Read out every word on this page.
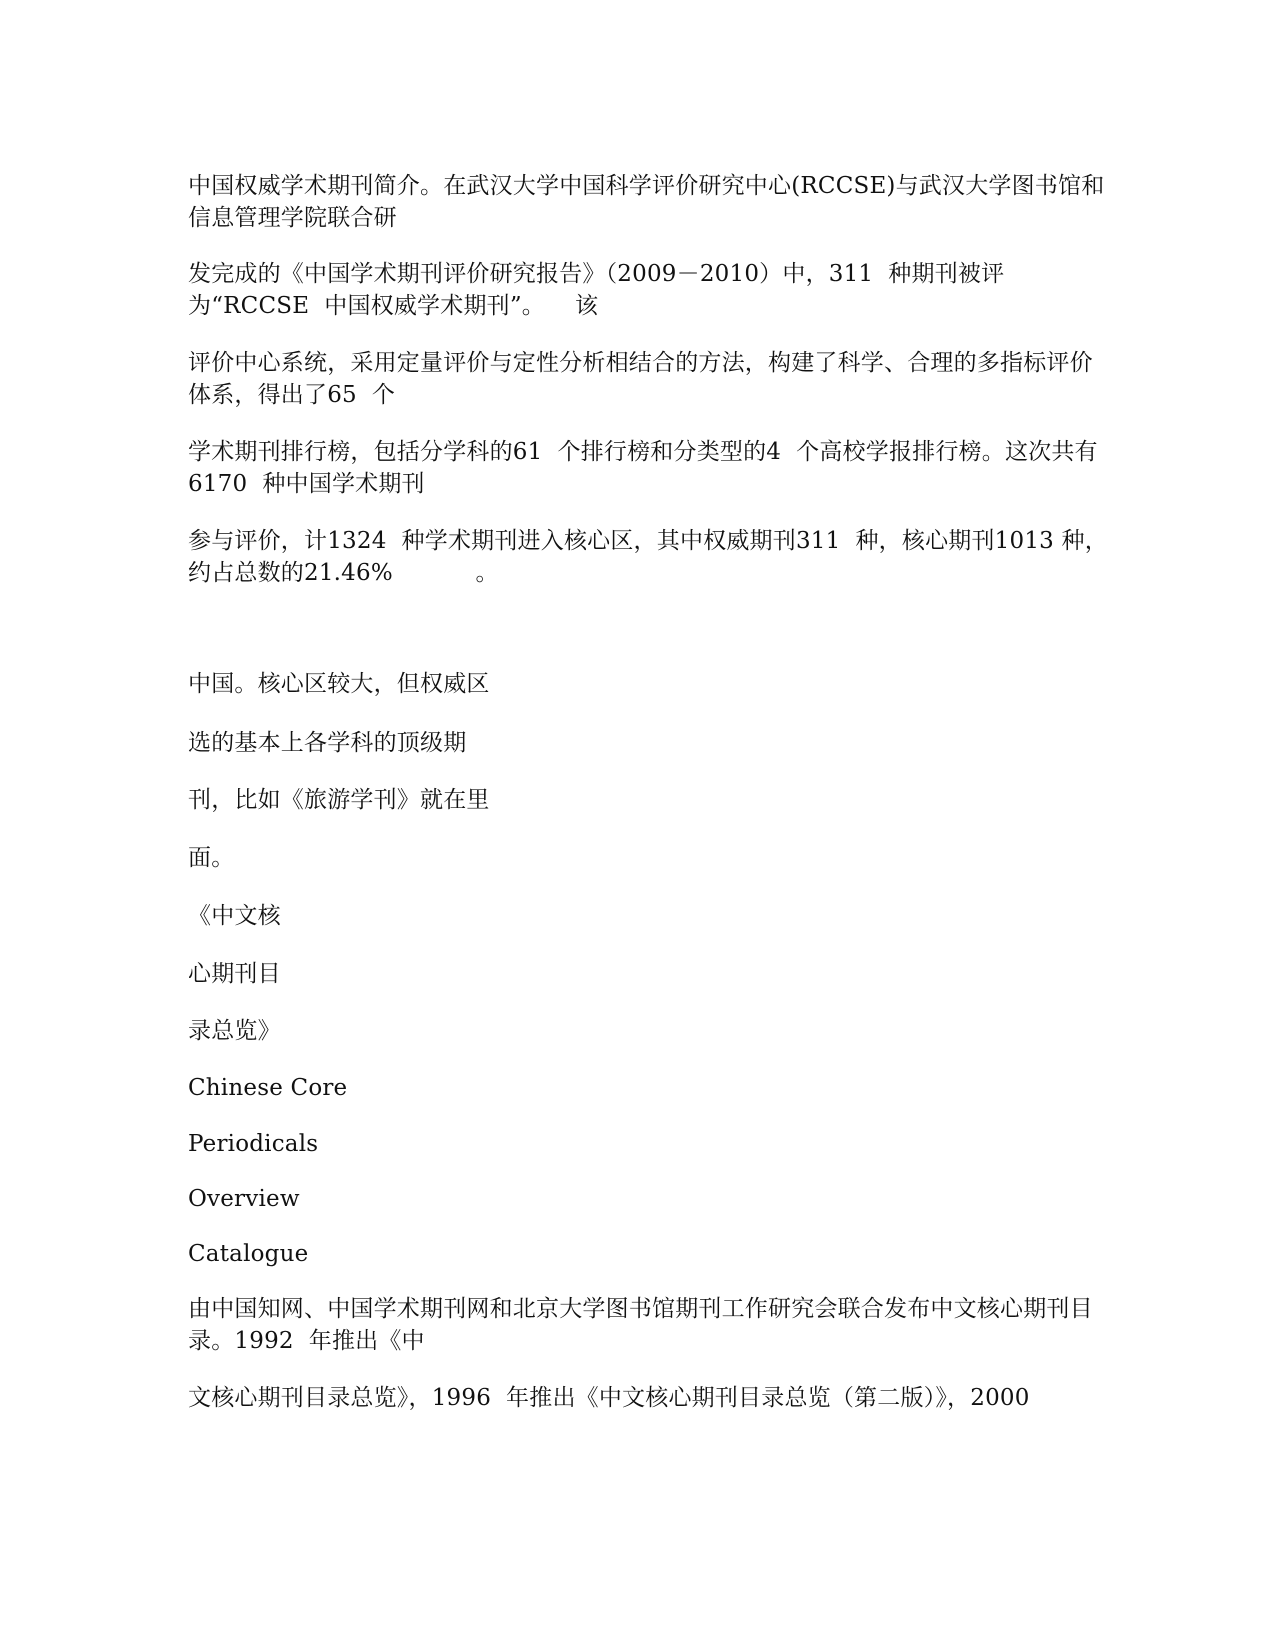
中国权威学术期刊简介。在武汉大学中国科学评价研究中心(RCCSE)与武汉大学图书馆和信息管理学院联合研
发完成的《中国学术期刊评价研究报告》（2009－2010）中，311  种期刊被评为“RCCSE  中国权威学术期刊”。    该
评价中心系统，采用定量评价与定性分析相结合的方法，构建了科学、合理的多指标评价体系，得出了65  个
学术期刊排行榜，包括分学科的61  个排行榜和分类型的4  个高校学报排行榜。这次共有6170  种中国学术期刊
参与评价，计1324  种学术期刊进入核心区，其中权威期刊311  种，核心期刊1013 种，约占总数的21.46%           。
中国。核心区较大，但权威区
选的基本上各学科的顶级期
刊，比如《旅游学刊》就在里
面。
《中文核
心期刊目
录总览》
Chinese Core
Periodicals
Overview
Catalogue
由中国知网、中国学术期刊网和北京大学图书馆期刊工作研究会联合发布中文核心期刊目录。1992  年推出《中
文核心期刊目录总览》，1996  年推出《中文核心期刊目录总览（第二版）》，2000
